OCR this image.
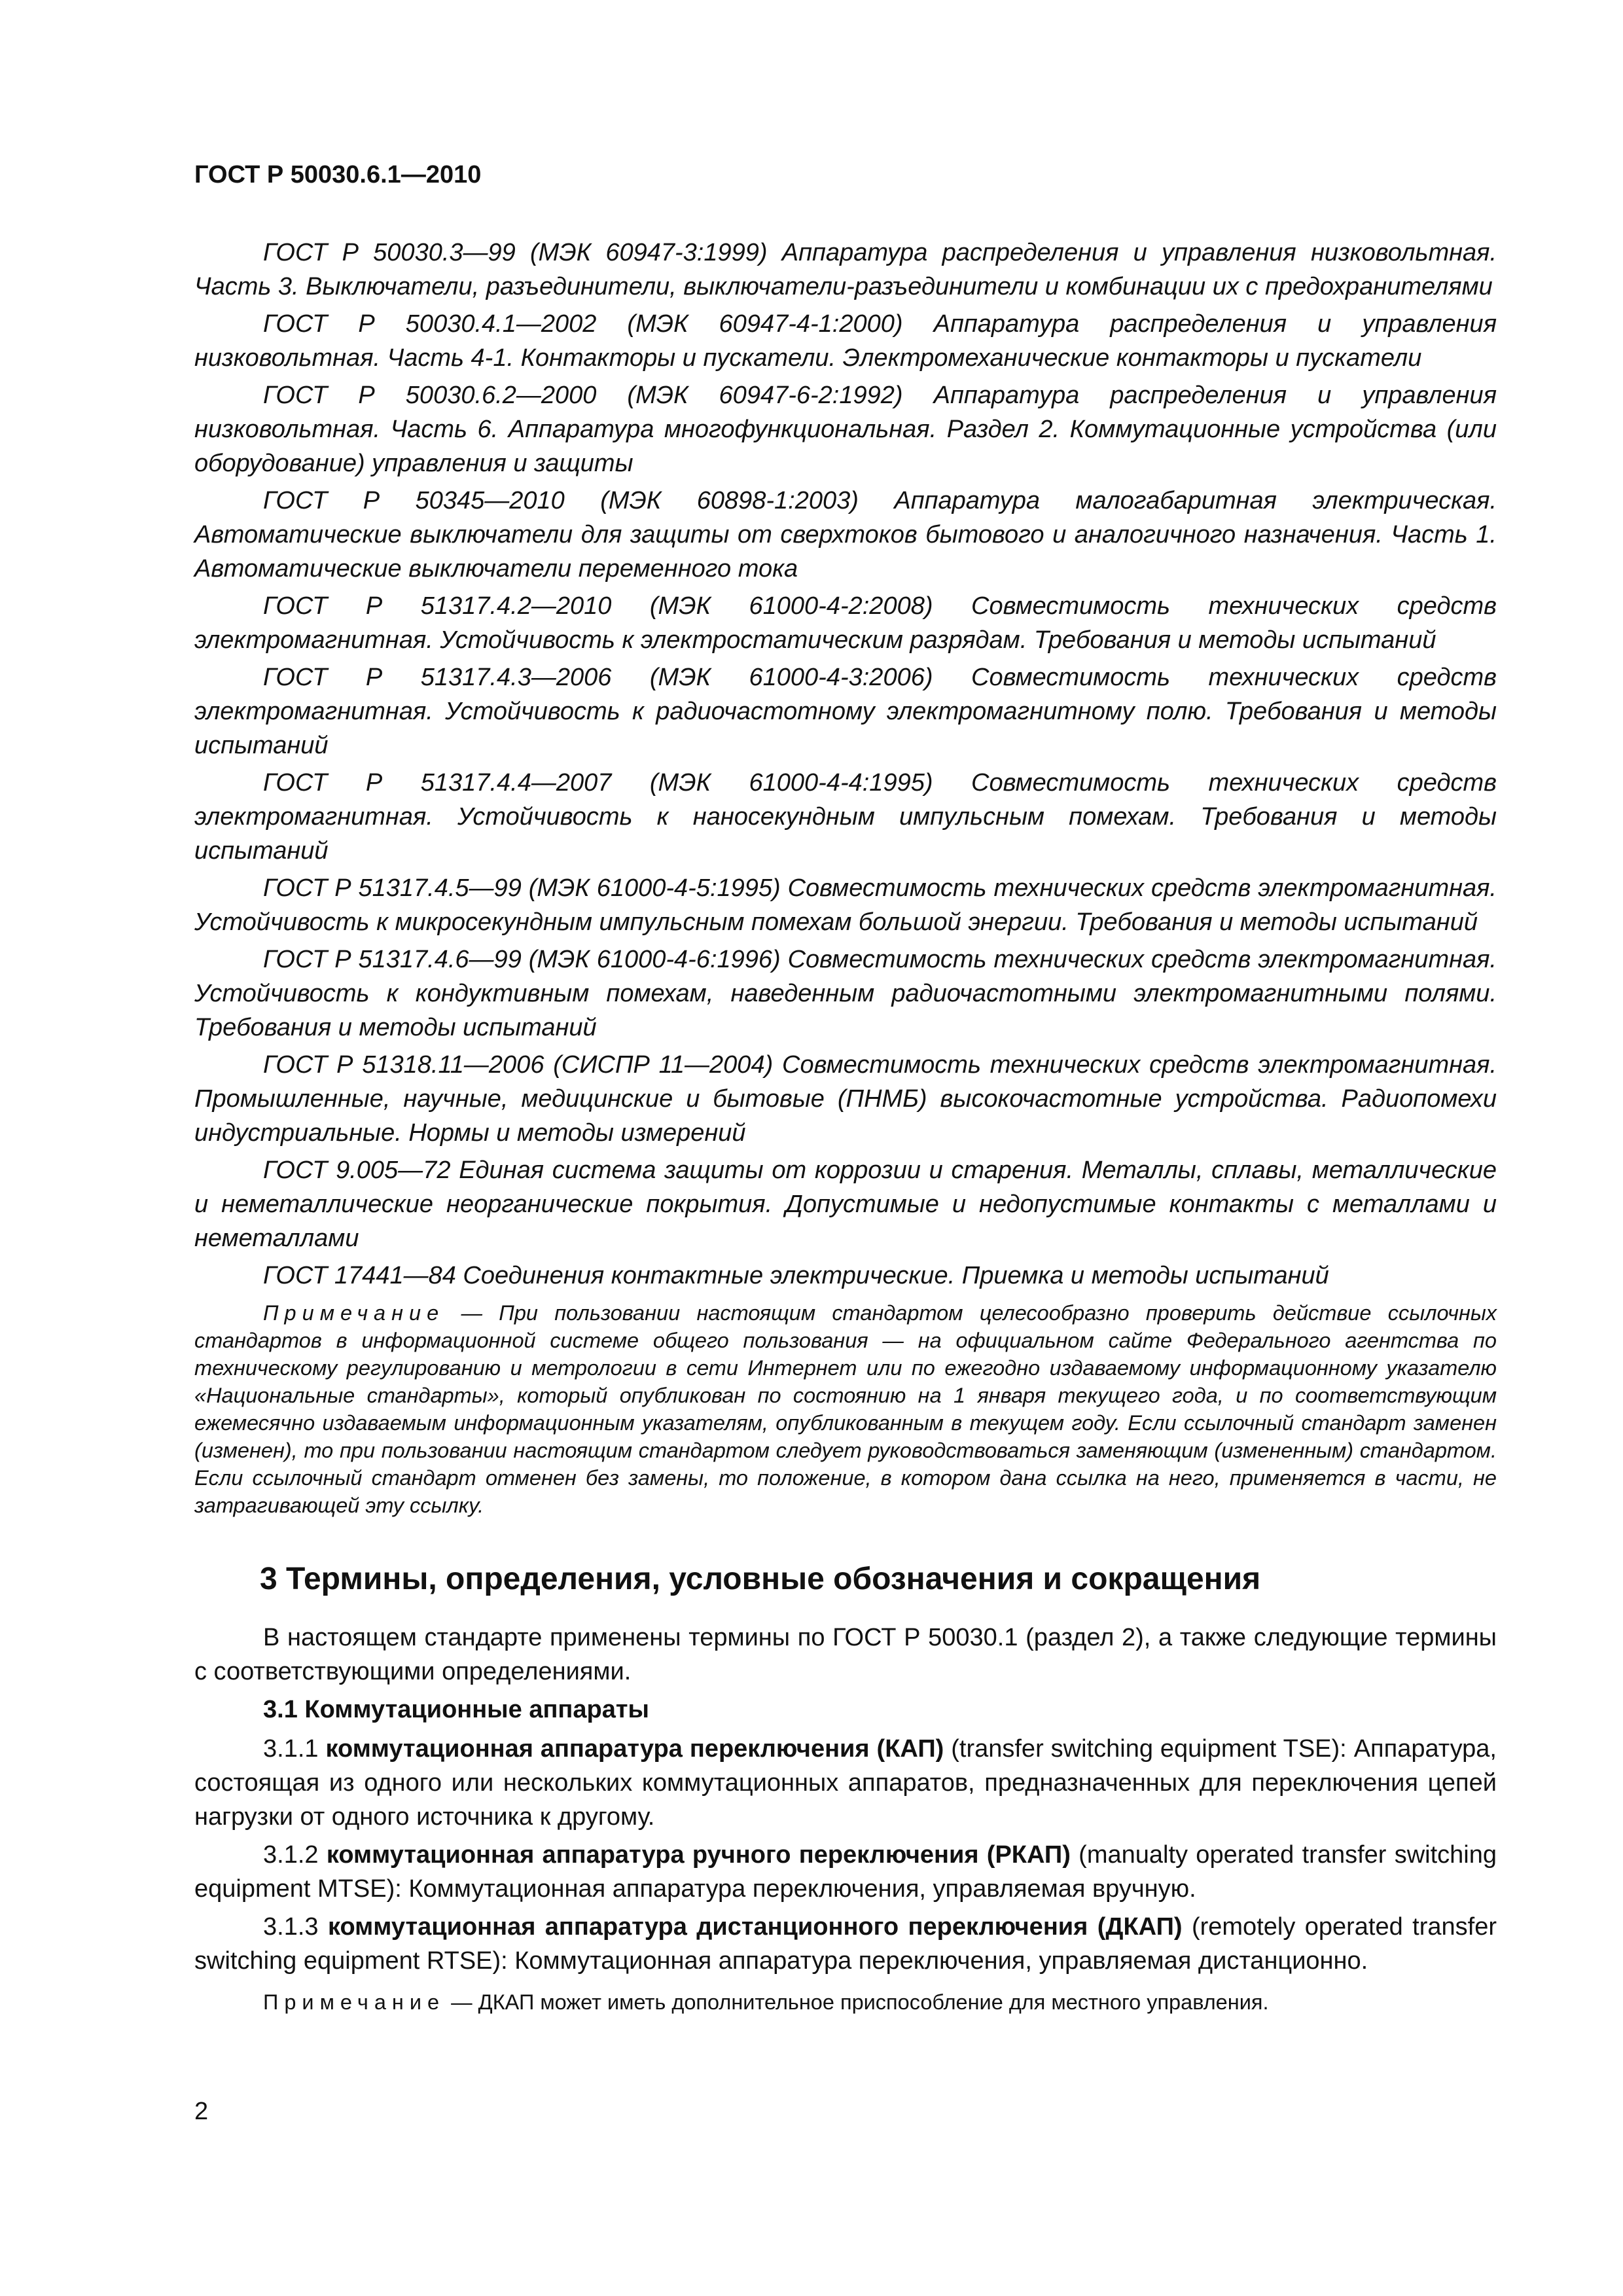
ГОСТ Р 50030.6.1—2010

ГОСТ Р 50030.3—99 (МЭК 60947-3:1999) Аппаратура распределения и управления низковольтная. Часть 3. Выключатели, разъединители, выключатели-разъединители и комбинации их с предохранителями

ГОСТ Р 50030.4.1—2002 (МЭК 60947-4-1:2000) Аппаратура распределения и управления низковольтная. Часть 4-1. Контакторы и пускатели. Электромеханические контакторы и пускатели

ГОСТ Р 50030.6.2—2000 (МЭК 60947-6-2:1992) Аппаратура распределения и управления низковольтная. Часть 6. Аппаратура многофункциональная. Раздел 2. Коммутационные устройства (или оборудование) управления и защиты

ГОСТ Р 50345—2010 (МЭК 60898-1:2003) Аппаратура малогабаритная электрическая. Автоматические выключатели для защиты от сверхтоков бытового и аналогичного назначения. Часть 1. Автоматические выключатели переменного тока

ГОСТ Р 51317.4.2—2010 (МЭК 61000-4-2:2008) Совместимость технических средств электромагнитная. Устойчивость к электростатическим разрядам. Требования и методы испытаний

ГОСТ Р 51317.4.3—2006 (МЭК 61000-4-3:2006) Совместимость технических средств электромагнитная. Устойчивость к радиочастотному электромагнитному полю. Требования и методы испытаний

ГОСТ Р 51317.4.4—2007 (МЭК 61000-4-4:1995) Совместимость технических средств электромагнитная. Устойчивость к наносекундным импульсным помехам. Требования и методы испытаний

ГОСТ Р 51317.4.5—99 (МЭК 61000-4-5:1995) Совместимость технических средств электромагнитная. Устойчивость к микросекундным импульсным помехам большой энергии. Требования и методы испытаний

ГОСТ Р 51317.4.6—99 (МЭК 61000-4-6:1996) Совместимость технических средств электромагнитная. Устойчивость к кондуктивным помехам, наведенным радиочастотными электромагнитными полями. Требования и методы испытаний

ГОСТ Р 51318.11—2006 (СИСПР 11—2004) Совместимость технических средств электромагнитная. Промышленные, научные, медицинские и бытовые (ПНМБ) высокочастотные устройства. Радиопомехи индустриальные. Нормы и методы измерений

ГОСТ 9.005—72 Единая система защиты от коррозии и старения. Металлы, сплавы, металлические и неметаллические неорганические покрытия. Допустимые и недопустимые контакты с металлами и неметаллами

ГОСТ 17441—84 Соединения контактные электрические. Приемка и методы испытаний

Примечание — При пользовании настоящим стандартом целесообразно проверить действие ссылочных стандартов в информационной системе общего пользования — на официальном сайте Федерального агентства по техническому регулированию и метрологии в сети Интернет или по ежегодно издаваемому информационному указателю «Национальные стандарты», который опубликован по состоянию на 1 января текущего года, и по соответствующим ежемесячно издаваемым информационным указателям, опубликованным в текущем году. Если ссылочный стандарт заменен (изменен), то при пользовании настоящим стандартом следует руководствоваться заменяющим (измененным) стандартом. Если ссылочный стандарт отменен без замены, то положение, в котором дана ссылка на него, применяется в части, не затрагивающей эту ссылку.

3 Термины, определения, условные обозначения и сокращения

В настоящем стандарте применены термины по ГОСТ Р 50030.1 (раздел 2), а также следующие термины с соответствующими определениями.

3.1 Коммутационные аппараты

3.1.1 коммутационная аппаратура переключения (КАП) (transfer switching equipment TSE): Аппаратура, состоящая из одного или нескольких коммутационных аппаратов, предназначенных для переключения цепей нагрузки от одного источника к другому.

3.1.2 коммутационная аппаратура ручного переключения (РКАП) (manualty operated transfer switching equipment MTSE): Коммутационная аппаратура переключения, управляемая вручную.

3.1.3 коммутационная аппаратура дистанционного переключения (ДКАП) (remotely operated transfer switching equipment RTSE): Коммутационная аппаратура переключения, управляемая дистанционно.

Примечание — ДКАП может иметь дополнительное приспособление для местного управления.

2
